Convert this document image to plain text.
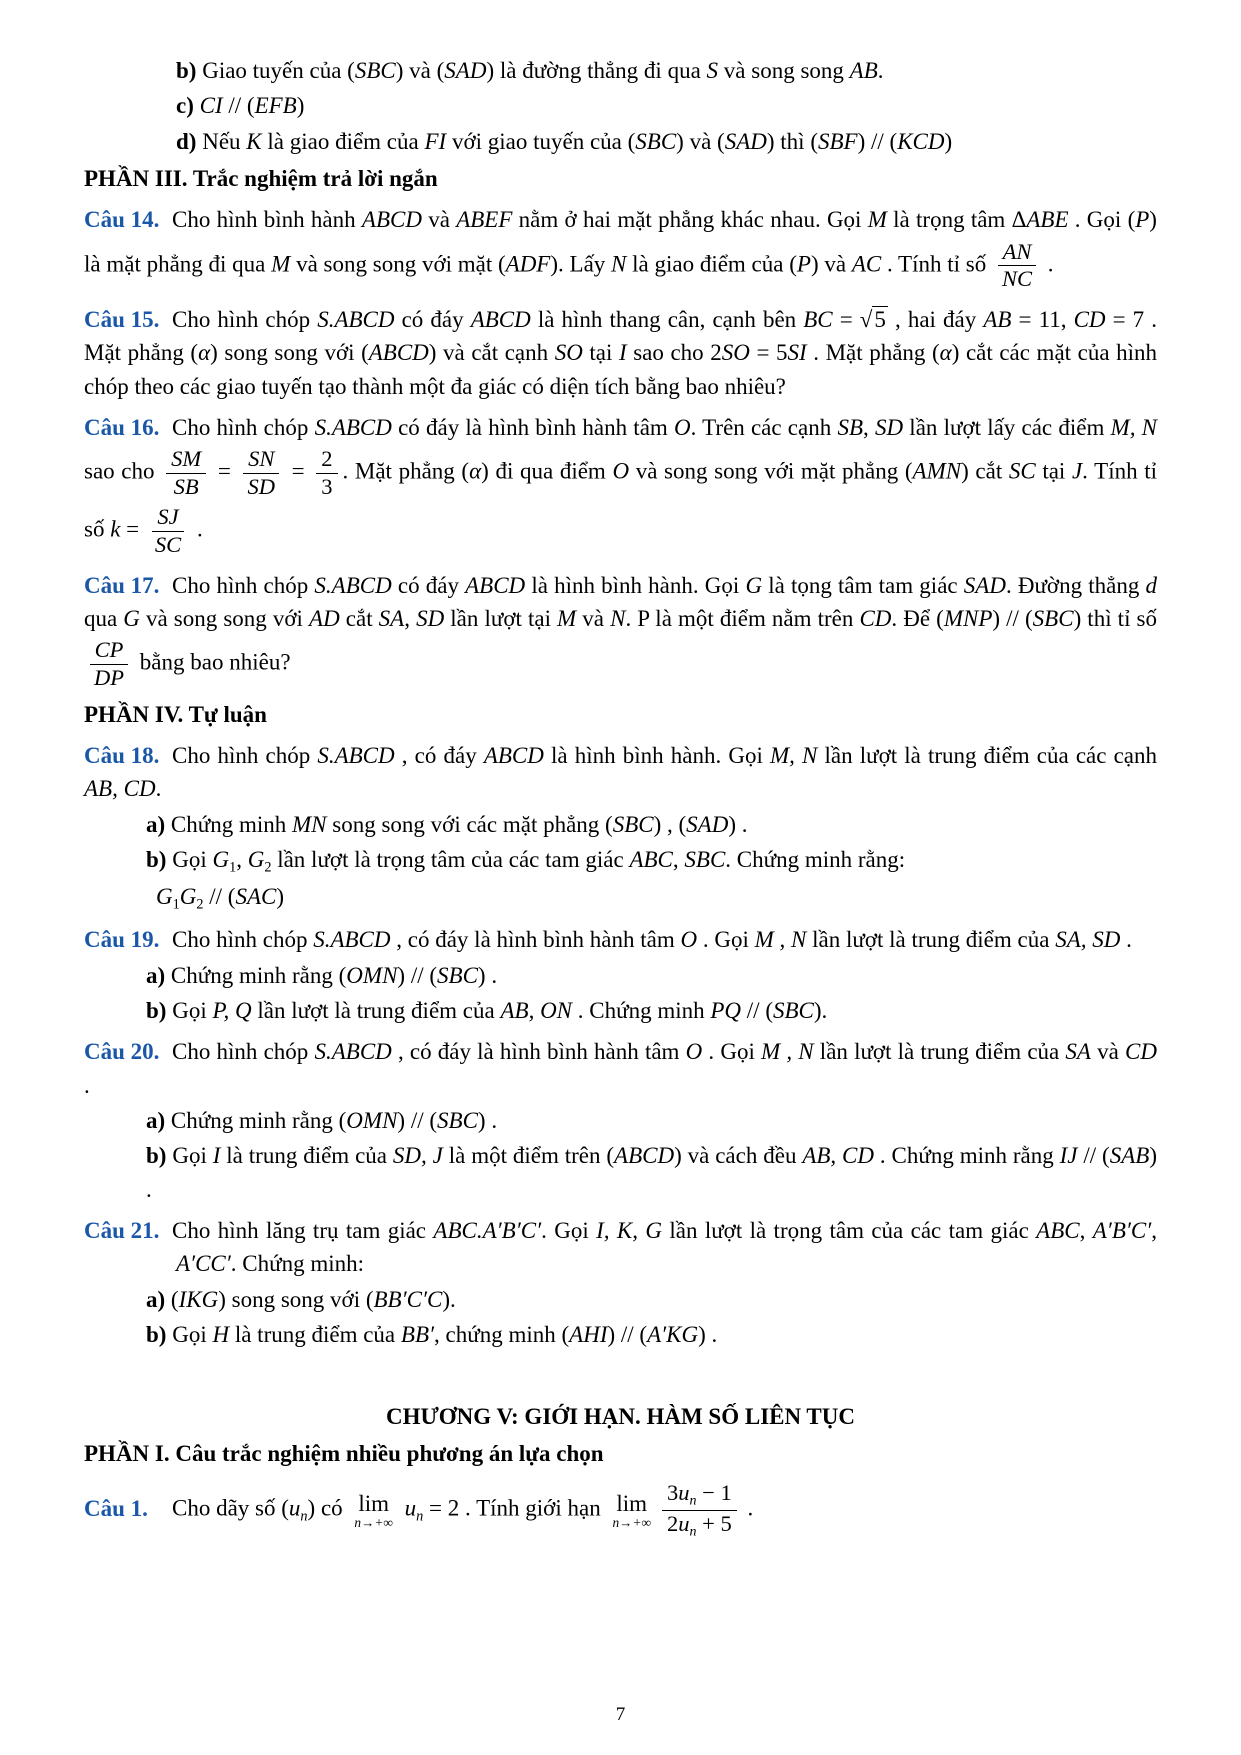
b) Giao tuyến của (SBC) và (SAD) là đường thẳng đi qua S và song song AB.

c) CI // (EFB)

d) Nếu K là giao điểm của FI với giao tuyến của (SBC) và (SAD) thì (SBF) // (KCD)

PHẦN III. Trắc nghiệm trả lời ngắn

Câu 14. Cho hình bình hành ABCD và ABEF nằm ở hai mặt phẳng khác nhau. Gọi M là trọng tâm ΔABE . Gọi (P) là mặt phẳng đi qua M và song song với mặt (ADF). Lấy N là giao điểm của (P) và AC . Tính tỉ số $\frac{AN}{NC}$ .

Câu 15. Cho hình chóp S.ABCD có đáy ABCD là hình thang cân, cạnh bên BC = √5 , hai đáy AB = 11, CD = 7 . Mặt phẳng (α) song song với (ABCD) và cắt cạnh SO tại I sao cho 2SO = 5SI . Mặt phẳng (α) cắt các mặt của hình chóp theo các giao tuyến tạo thành một đa giác có diện tích bằng bao nhiêu?

Câu 16. Cho hình chóp S.ABCD có đáy là hình bình hành tâm O. Trên các cạnh SB, SD lần lượt lấy các điểm M, N sao cho $\frac{SM}{SB} = \frac{SN}{SD} = \frac{2}{3}$ . Mặt phẳng (α) đi qua điểm O và song song với mặt phẳng (AMN) cắt SC tại J. Tính tỉ số $k = \frac{SJ}{SC}$ .

Câu 17. Cho hình chóp S.ABCD có đáy ABCD là hình bình hành. Gọi G là tọng tâm tam giác SAD. Đường thẳng d qua G và song song với AD cắt SA, SD lần lượt tại M và N. P là một điểm nằm trên CD. Để (MNP) // (SBC) thì tỉ số
$\frac{CP}{DP}$ bằng bao nhiêu?

PHẦN IV. Tự luận

Câu 18. Cho hình chóp S.ABCD , có đáy ABCD là hình bình hành. Gọi M, N lần lượt là trung điểm của các cạnh AB, CD.

a) Chứng minh MN song song với các mặt phẳng (SBC) , (SAD) .

b) Gọi $G_1$, $G_2$ lần lượt là trọng tâm của các tam giác ABC, SBC. Chứng minh rằng:

$G_1G_2 // (SAC)$

Câu 19. Cho hình chóp S.ABCD , có đáy là hình bình hành tâm O . Gọi M , N lần lượt là trung điểm của SA, SD .

a) Chứng minh rằng (OMN) // (SBC) .

b) Gọi P, Q lần lượt là trung điểm của AB, ON . Chứng minh PQ // (SBC).

Câu 20. Cho hình chóp S.ABCD , có đáy là hình bình hành tâm O . Gọi M , N lần lượt là trung điểm của SA và CD .

a) Chứng minh rằng (OMN) // (SBC) .

b) Gọi I là trung điểm của SD, J là một điểm trên (ABCD) và cách đều AB, CD . Chứng minh rằng IJ // (SAB) .

Câu 21. Cho hình lăng trụ tam giác ABC.A′B′C′. Gọi I, K, G lần lượt là trọng tâm của các tam giác ABC, A′B′C′, A′CC′. Chứng minh:

a) (IKG) song song với (BB′C′C).

b) Gọi H là trung điểm của BB′, chứng minh (AHI) // (A′KG) .

CHƯƠNG V: GIỚI HẠN. HÀM SỐ LIÊN TỤC

PHẦN I. Câu trắc nghiệm nhiều phương án lựa chọn

Câu 1. Cho dãy số $(u_n)$ có lim
n→+∞
$u_n = 2$ . Tính giới hạn lim
$n\to+\infty \frac{3u_n - 1}{2u_n + 5}$ .

7
